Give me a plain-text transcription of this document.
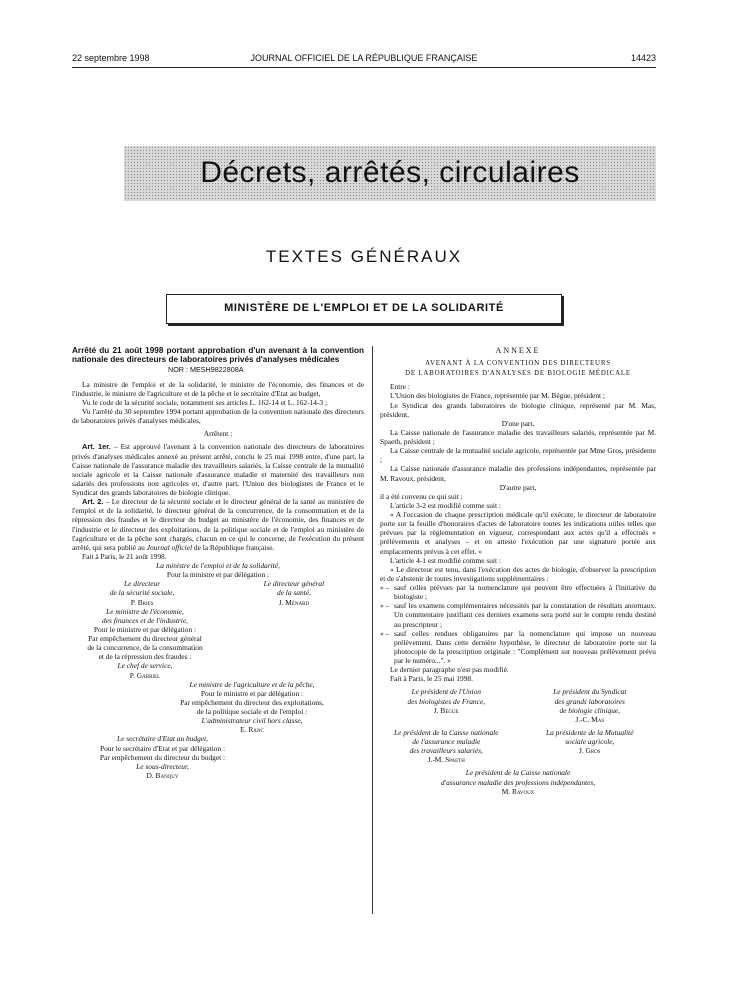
22 septembre 1998	JOURNAL OFFICIEL DE LA RÉPUBLIQUE FRANÇAISE	14423
Décrets, arrêtés, circulaires
TEXTES GÉNÉRAUX
MINISTÈRE DE L'EMPLOI ET DE LA SOLIDARITÉ

Arrêté du 21 août 1998 portant approbation d'un avenant à la convention nationale des directeurs de laboratoires privés d'analyses médicales

NOR : MESH9822808A

La ministre de l'emploi et de la solidarité, le ministre de l'économie, des finances et de l'industrie, le ministre de l'agriculture et de la pêche et le secrétaire d'Etat au budget,

Vu le code de la sécurité sociale, notamment ses articles L. 162-14 et L. 162-14-3 ;

Vu l'arrêté du 30 septembre 1994 portant approbation de la convention nationale des directeurs de laboratoires privés d'analyses médicales,

Arrêtent :

Art. 1er. – Est approuvé l'avenant à la convention nationale des directeurs de laboratoires privés d'analyses médicales annexé au présent arrêté, conclu le 25 mai 1998 entre, d'une part, la Caisse nationale de l'assurance maladie des travailleurs salariés, la Caisse centrale de la mutualité sociale agricole et la Caisse nationale d'assurance maladie et maternité des travailleurs non salariés des professions non agricoles et, d'autre part, l'Union des biologistes de France et le Syndicat des grands laboratoires de biologie clinique.

Art. 2. – Le directeur de la sécurité sociale et le directeur général de la santé au ministère de l'emploi et de la solidarité, le directeur général de la concurrence, de la consommation et de la répression des fraudes et le directeur du budget au ministère de l'économie, des finances et de l'industrie et le directeur des exploitations, de la politique sociale et de l'emploi au ministère de l'agriculture et de la pêche sont chargés, chacun en ce qui le concerne, de l'exécution du présent arrêté, qui sera publié au Journal officiel de la République française.

Fait à Paris, le 21 août 1998.

La ministre de l'emploi et de la solidarité,

Pour la ministre et par délégation :

Le directeur

de la sécurité sociale,

P. Bries

Le directeur général

de la santé,

J. Ménard

Le ministre de l'économie,

des finances et de l'industrie,

Pour le ministre et par délégation :

Par empêchement du directeur général

de la concurrence, de la consommation

et de la répression des fraudes :

Le chef de service,

P. Gabriel

Le ministre de l'agriculture et de la pêche,

Pour le ministre et par délégation :

Par empêchement du directeur des exploitations,

de la politique sociale et de l'emploi :

L'administrateur civil hors classe,

E. Ranc

Le secrétaire d'Etat au budget,

Pour le secrétaire d'Etat et par délégation :

Par empêchement du directeur du budget :

Le sous-directeur,

D. Banquy

ANNEXE

AVENANT À LA CONVENTION DES DIRECTEURS

DE LABORATOIRES D'ANALYSES DE BIOLOGIE MÉDICALE

Entre :

L'Union des biologistes de France, représentée par M. Bègue, président ;

Le Syndicat des grands laboratoires de biologie clinique, représenté par M. Mas, président,

D'une part,

La Caisse nationale de l'assurance maladie des travailleurs salariés, représentée par M. Spaeth, président ;

La Caisse centrale de la mutualité sociale agricole, représentée par Mme Gros, présidente ;

La Caisse nationale d'assurance maladie des professions indépendantes, représentée par M. Ravoux, président,

D'autre part,

il a été convenu ce qui suit :

L'article 3-2 est modifié comme suit :

« A l'occasion de chaque prescription médicale qu'il exécute, le directeur de laboratoire porte sur la feuille d'honoraires d'actes de laboratoire toutes les indications utiles telles que prévues par la réglementation en vigueur, correspondant aux actes qu'il a effectués « prélèvements et analyses – et en atteste l'exécution par une signature portée aux emplacements prévus à cet effet. »

L'article 4-1 est modifié comme suit :

« Le directeur est tenu, dans l'exécution des actes de biologie, d'observer la prescription et de s'abstenir de toutes investigations supplémentaires :

« – sauf celles prévues par la nomenclature qui peuvent être effectuées à l'initiative du biologiste ;
« – sauf les examens complémentaires nécessités par la constatation de résultats anormaux. Un commentaire justifiant ces derniers examens sera porté sur le compte rendu destiné au prescripteur ;
« – sauf celles rendues obligatoires par la nomenclature qui impose un nouveau prélèvement. Dans cette dernière hypothèse, le directeur de laboratoire porte sur la photocopie de la prescription originale : "Complément sur nouveau prélèvement prévu par le numéro...". »

Le dernier paragraphe n'est pas modifié.

Fait à Paris, le 25 mai 1998.

Le président de l'Union

des biologistes de France,

J. Bègue

Le président du Syndicat

des grands laboratoires

de biologie clinique,

J.-C. Mas

Le président de la Caisse nationale

de l'assurance maladie

des travailleurs salariés,

J.-M. Spaeth

La présidente de la Mutualité

sociale agricole,

J. Gros

Le président de la Caisse nationale

d'assurance maladie des professions indépendantes,

M. Ravoux
